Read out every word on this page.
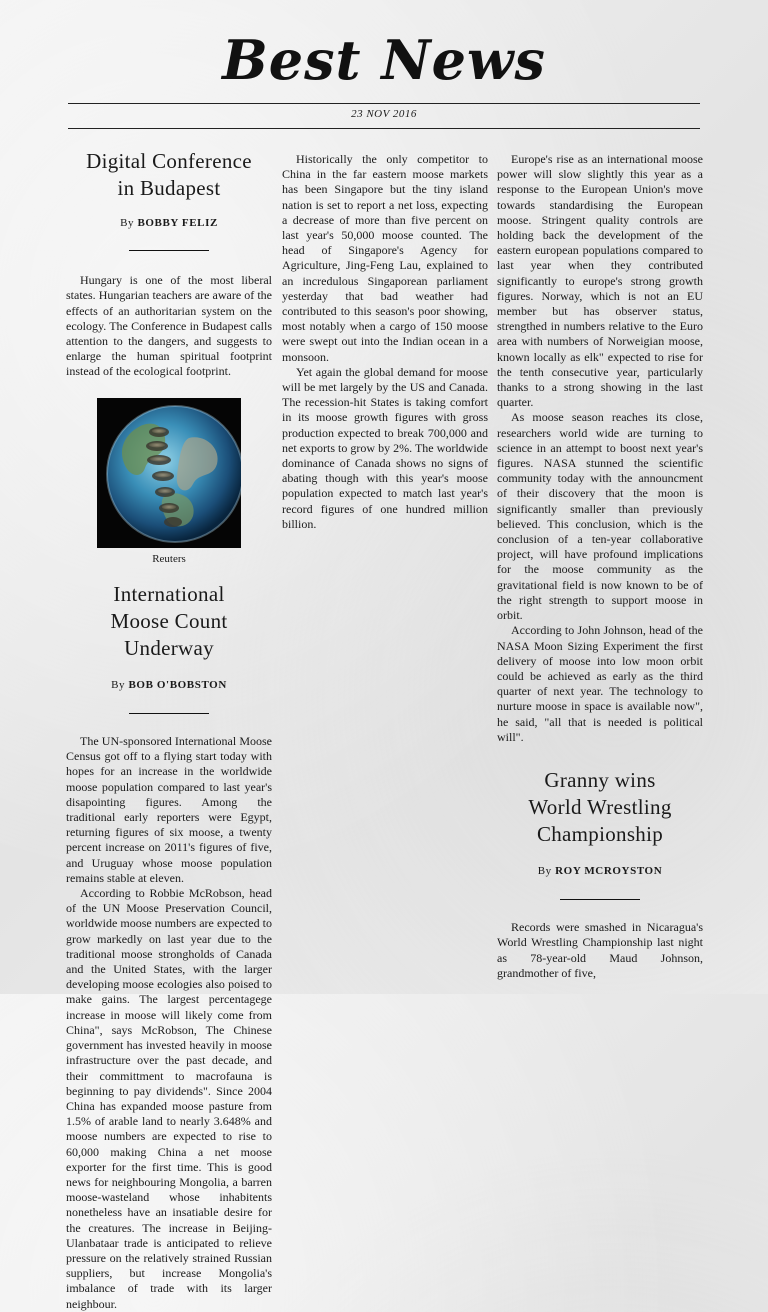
Best News
23 NOV 2016
Digital Conference
in Budapest
By BOBBY FELIZ

Hungary is one of the most liberal states. Hungarian teachers are aware of the effects of an authoritarian system on the ecology. The Conference in Budapest calls attention to the dangers, and suggests to enlarge the human spiritual footprint instead of the ecological footprint.

Reuters
International
Moose Count
Underway
By BOB O'BOBSTON

The UN-sponsored International Moose Census got off to a flying start today with hopes for an increase in the worldwide moose population compared to last year's disapointing figures. Among the traditional early reporters were Egypt, returning figures of six moose, a twenty percent increase on 2011's figures of five, and Uruguay whose moose population remains stable at eleven.

According to Robbie McRobson, head of the UN Moose Preservation Council, worldwide moose numbers are expected to grow markedly on last year due to the traditional moose strongholds of Canada and the United States, with the larger developing moose ecologies also poised to make gains. The largest percentagege increase in moose will likely come from China", says McRobson, The Chinese government has invested heavily in moose infrastructure over the past decade, and their committment to macrofauna is beginning to pay dividends". Since 2004 China has expanded moose pasture from 1.5% of arable land to nearly 3.648% and moose numbers are expected to rise to 60,000 making China a net moose exporter for the first time. This is good news for neighbouring Mongolia, a barren moose-wasteland whose inhabitents nonetheless have an insatiable desire for the creatures. The increase in Beijing-Ulanbataar trade is anticipated to relieve pressure on the relatively strained Russian suppliers, but increase Mongolia's imbalance of trade with its larger neighbour.

Historically the only competitor to China in the far eastern moose markets has been Singapore but the tiny island nation is set to report a net loss, expecting a decrease of more than five percent on last year's 50,000 moose counted. The head of Singapore's Agency for Agriculture, Jing-Feng Lau, explained to an incredulous Singaporean parliament yesterday that bad weather had contributed to this season's poor showing, most notably when a cargo of 150 moose were swept out into the Indian ocean in a monsoon.

Yet again the global demand for moose will be met largely by the US and Canada. The recession-hit States is taking comfort in its moose growth figures with gross production expected to break 700,000 and net exports to grow by 2%. The worldwide dominance of Canada shows no signs of abating though with this year's moose population expected to match last year's record figures of one hundred million billion.

Europe's rise as an international moose power will slow slightly this year as a response to the European Union's move towards standardising the European moose. Stringent quality controls are holding back the development of the eastern european populations compared to last year when they contributed significantly to europe's strong growth figures. Norway, which is not an EU member but has observer status, strengthed in numbers relative to the Euro area with numbers of Norweigian moose, known locally as elk" expected to rise for the tenth consecutive year, particularly thanks to a strong showing in the last quarter.

As moose season reaches its close, researchers world wide are turning to science in an attempt to boost next year's figures. NASA stunned the scientific community today with the announcment of their discovery that the moon is significantly smaller than previously believed. This conclusion, which is the conclusion of a ten-year collaborative project, will have profound implications for the moose community as the gravitational field is now known to be of the right strength to support moose in orbit.

According to John Johnson, head of the NASA Moon Sizing Experiment the first delivery of moose into low moon orbit could be achieved as early as the third quarter of next year. The technology to nurture moose in space is available now", he said, "all that is needed is political will".

Granny wins
World Wrestling
Championship
By ROY MCROYSTON

Records were smashed in Nicaragua's World Wrestling Championship last night as 78-year-old Maud Johnson, grandmother of five,
